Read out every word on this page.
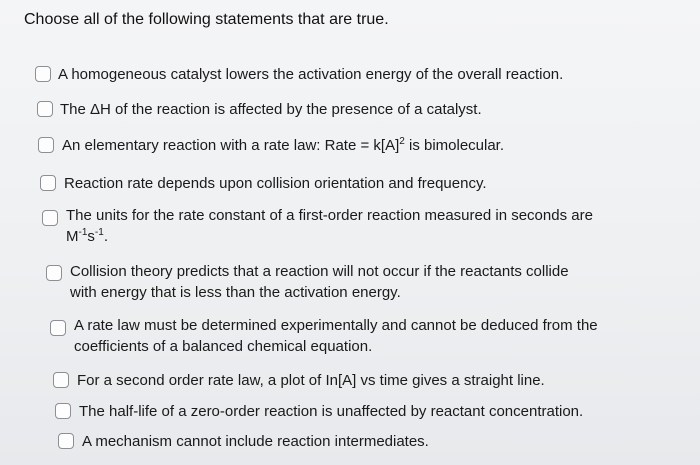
Choose all of the following statements that are true.
A homogeneous catalyst lowers the activation energy of the overall reaction.
The ΔH of the reaction is affected by the presence of a catalyst.
An elementary reaction with a rate law: Rate = $k[A]^2$ is bimolecular.
Reaction rate depends upon collision orientation and frequency.
The units for the rate constant of a first-order reaction measured in seconds are
$M^{-1}s^{-1}$.
Collision theory predicts that a reaction will not occur if the reactants collide
with energy that is less than the activation energy.
A rate law must be determined experimentally and cannot be deduced from the
coefficients of a balanced chemical equation.
For a second order rate law, a plot of In[A] vs time gives a straight line.
The half-life of a zero-order reaction is unaffected by reactant concentration.
A mechanism cannot include reaction intermediates.
